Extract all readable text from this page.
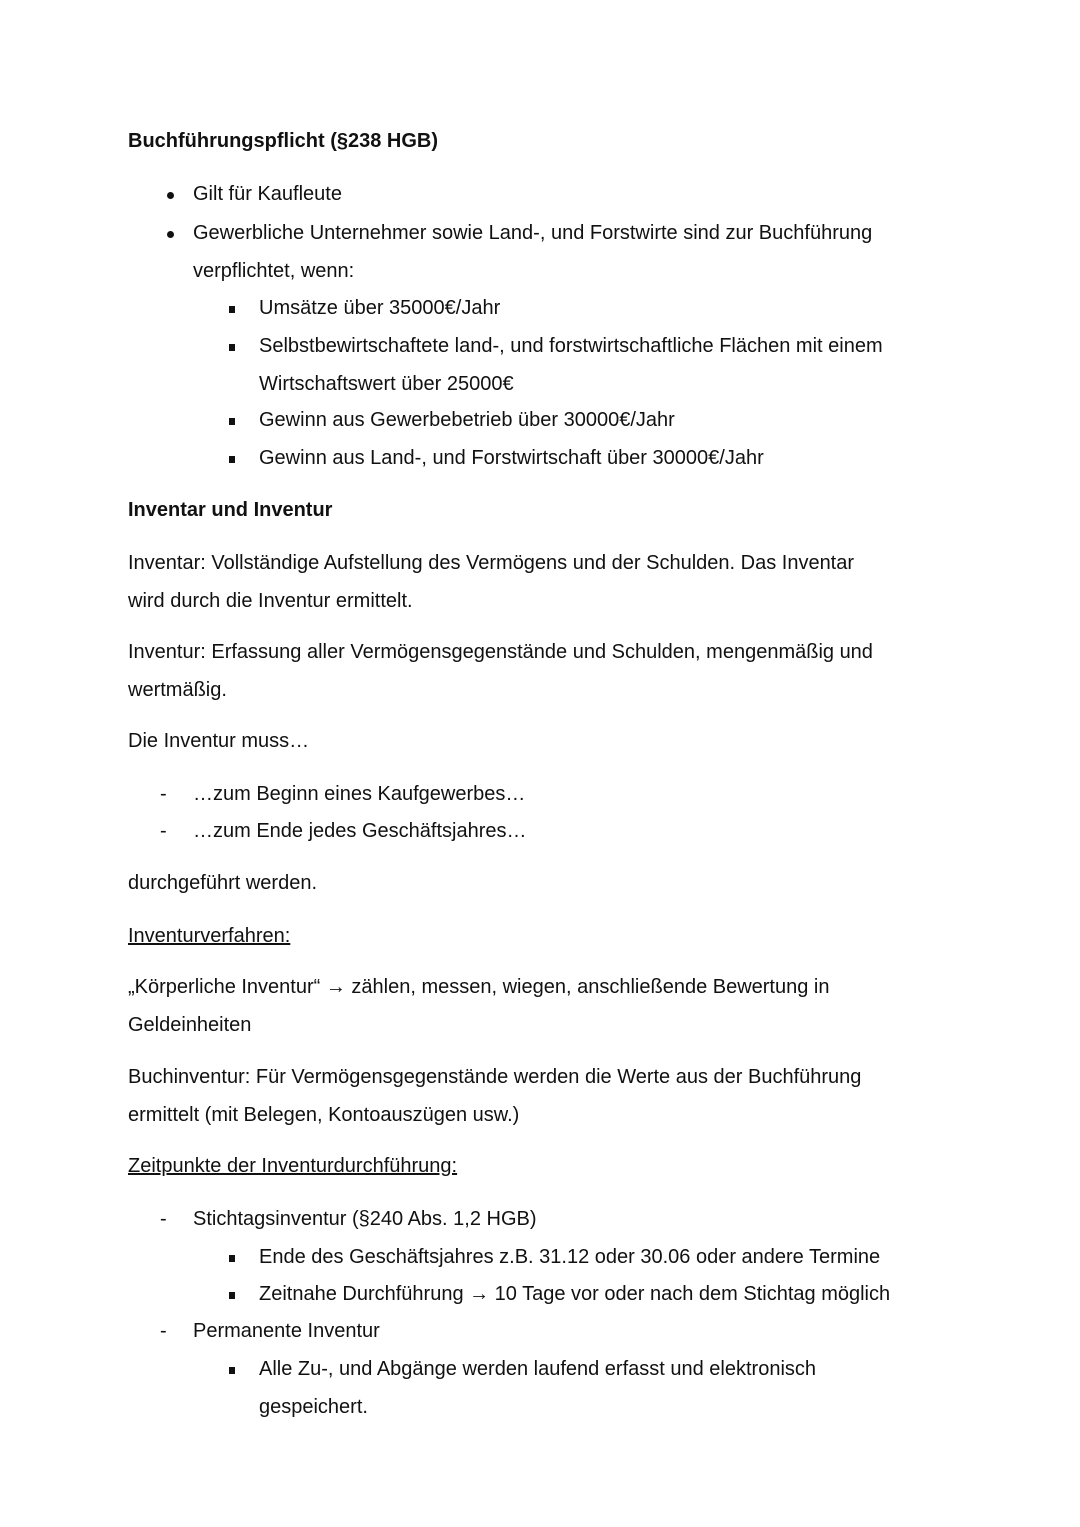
Buchführungspflicht (§238 HGB)
Gilt für Kaufleute
Gewerbliche Unternehmer sowie Land-, und Forstwirte sind zur Buchführung
verpflichtet, wenn:
Umsätze über 35000€/Jahr
Selbstbewirtschaftete land-, und forstwirtschaftliche Flächen mit einem
Wirtschaftswert über 25000€
Gewinn aus Gewerbebetrieb über 30000€/Jahr
Gewinn aus Land-, und Forstwirtschaft über 30000€/Jahr
Inventar und Inventur
Inventar: Vollständige Aufstellung des Vermögens und der Schulden. Das Inventar
wird durch die Inventur ermittelt.
Inventur: Erfassung aller Vermögensgegenstände und Schulden, mengenmäßig und
wertmäßig.
Die Inventur muss…
- …zum Beginn eines Kaufgewerbes…
- …zum Ende jedes Geschäftsjahres…
durchgeführt werden.
Inventurverfahren:
„Körperliche Inventur“ → zählen, messen, wiegen, anschließende Bewertung in
Geldeinheiten
Buchinventur: Für Vermögensgegenstände werden die Werte aus der Buchführung
ermittelt (mit Belegen, Kontoauszügen usw.)
Zeitpunkte der Inventurdurchführung:
- Stichtagsinventur (§240 Abs. 1,2 HGB)
Ende des Geschäftsjahres z.B. 31.12 oder 30.06 oder andere Termine
Zeitnahe Durchführung → 10 Tage vor oder nach dem Stichtag möglich
- Permanente Inventur
Alle Zu-, und Abgänge werden laufend erfasst und elektronisch
gespeichert.
